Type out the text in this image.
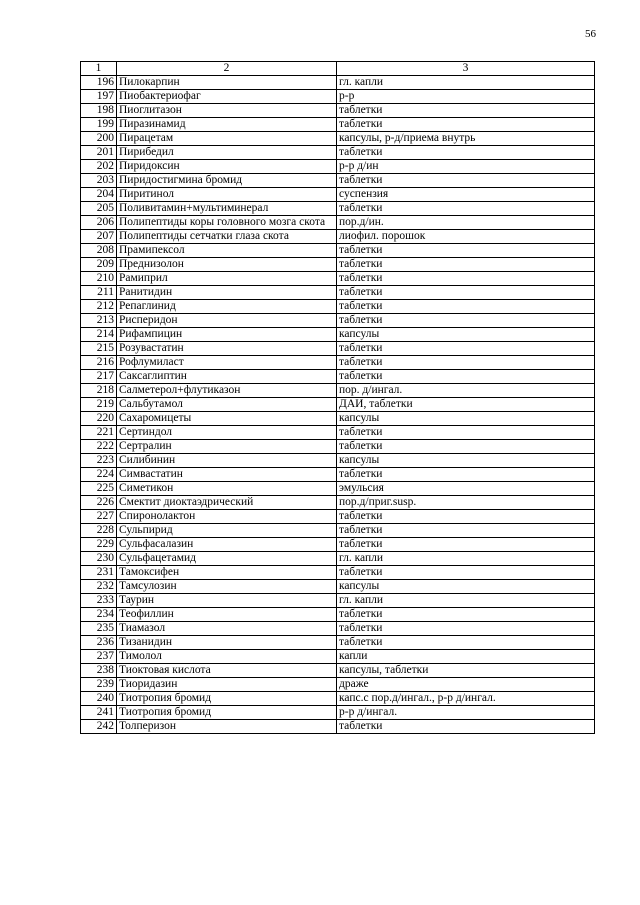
56
1	2	3
196	Пилокарпин	гл. капли
197	Пиобактериофаг	р-р
198	Пиоглитазон	таблетки
199	Пиразинамид	таблетки
200	Пирацетам	капсулы, р-д/приема внутрь
201	Пирибедил	таблетки
202	Пиридоксин	р-р д/ин
203	Пиридостигмина бромид	таблетки
204	Пиритинол	суспензия
205	Поливитамин+мультиминерал	таблетки
206	Полипептиды коры головного мозга скота	пор.д/ин.
207	Полипептиды сетчатки глаза скота	лиофил. порошок
208	Прамипексол	таблетки
209	Преднизолон	таблетки
210	Рамиприл	таблетки
211	Ранитидин	таблетки
212	Репаглинид	таблетки
213	Рисперидон	таблетки
214	Рифампицин	капсулы
215	Розувастатин	таблетки
216	Рофлумиласт	таблетки
217	Саксаглиптин	таблетки
218	Салметерол+флутиказон	пор. д/ингал.
219	Сальбутамол	ДАИ, таблетки
220	Сахаромицеты	капсулы
221	Сертиндол	таблетки
222	Сертралин	таблетки
223	Силибинин	капсулы
224	Симвастатин	таблетки
225	Симетикон	эмульсия
226	Смектит диоктаэдрический	пор.д/приг.susp.
227	Спиронолактон	таблетки
228	Сульпирид	таблетки
229	Сульфасалазин	таблетки
230	Сульфацетамид	гл. капли
231	Тамоксифен	таблетки
232	Тамсулозин	капсулы
233	Таурин	гл. капли
234	Теофиллин	таблетки
235	Тиамазол	таблетки
236	Тизанидин	таблетки
237	Тимолол	капли
238	Тиоктовая кислота	капсулы, таблетки
239	Тиоридазин	драже
240	Тиотропия бромид	капс.с пор.д/ингал., р-р д/ингал.
241	Тиотропия бромид	р-р д/ингал.
242	Толперизон	таблетки
